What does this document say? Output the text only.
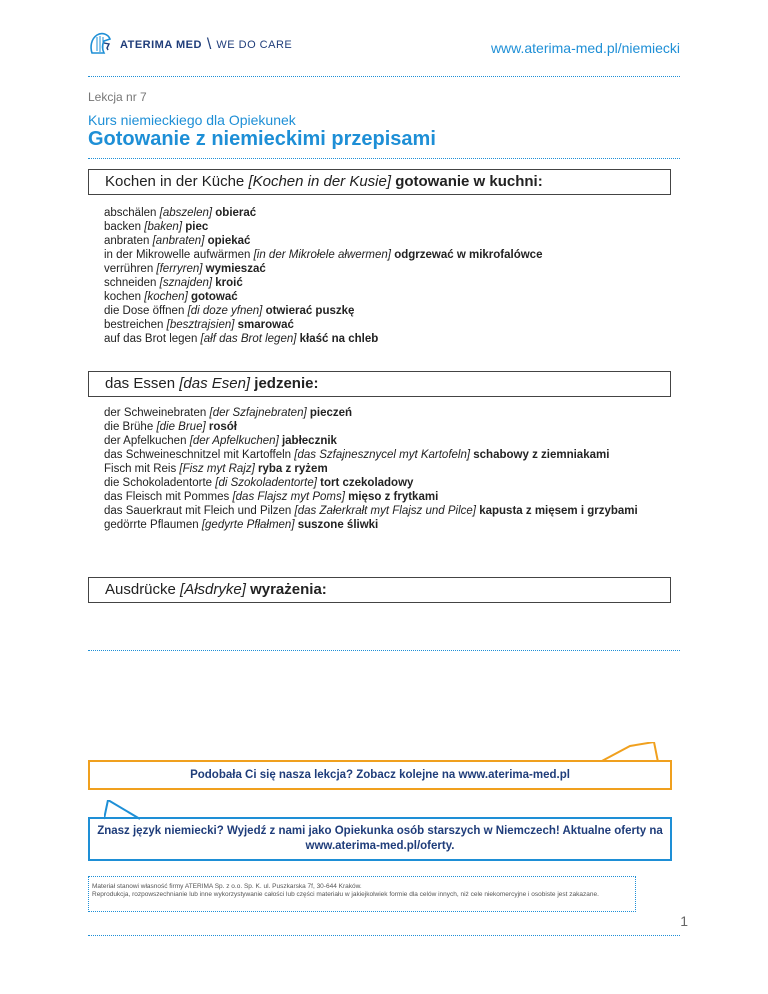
ATERIMA MED \ WE DO CARE	www.aterima-med.pl/niemiecki
Lekcja nr 7
Kurs niemieckiego dla Opiekunek
Gotowanie z niemieckimi przepisami
Kochen in der Küche [Kochen in der Kusie] gotowanie w kuchni:
abschälen [abszelen] obierać
backen [baken] piec
anbraten [anbraten] opiekać
in der Mikrowelle aufwärmen [in der Mikrołele ałwermen] odgrzewać w mikrofalówce
verrühren [ferryren] wymieszać
schneiden [sznajden] kroić
kochen [kochen] gotować
die Dose öffnen [di doze yfnen] otwierać puszkę
bestreichen [besztrajsien] smarować
auf das Brot legen [ałf das Brot legen] kłaść na chleb
das Essen [das Esen] jedzenie:
der Schweinebraten [der Szfajnebraten] pieczeń
die Brühe [die Brue] rosół
der Apfelkuchen [der Apfelkuchen] jabłecznik
das Schweineschnitzel mit Kartoffeln [das Szfajnesznycel myt Kartofeln] schabowy z ziemniakami
Fisch mit Reis [Fisz myt Rajz] ryba z ryżem
die Schokoladentorte [di Szokoladentorte] tort czekoladowy
das Fleisch mit Pommes [das Flajsz myt Poms] mięso z frytkami
das Sauerkraut mit Fleich und Pilzen [das Załerkrałt myt Flajsz und Pilce] kapusta z mięsem i grzybami
gedörrte Pflaumen [gedyrte Pfłałmen] suszone śliwki
Ausdrücke [Ałsdryke] wyrażenia:
Podobała Ci się nasza lekcja? Zobacz kolejne na www.aterima-med.pl
Znasz język niemiecki? Wyjedź z nami jako Opiekunka osób starszych w Niemczech! Aktualne oferty na www.aterima-med.pl/oferty.
Materiał stanowi własność firmy ATERIMA Sp. z o.o. Sp. K. ul. Puszkarska 7f, 30-644 Kraków.
Reprodukcja, rozpowszechnianie lub inne wykorzystywanie całości lub części materiału w jakiejkolwiek formie dla celów innych, niż cele niekomercyjne i osobiste jest zakazane.
1
